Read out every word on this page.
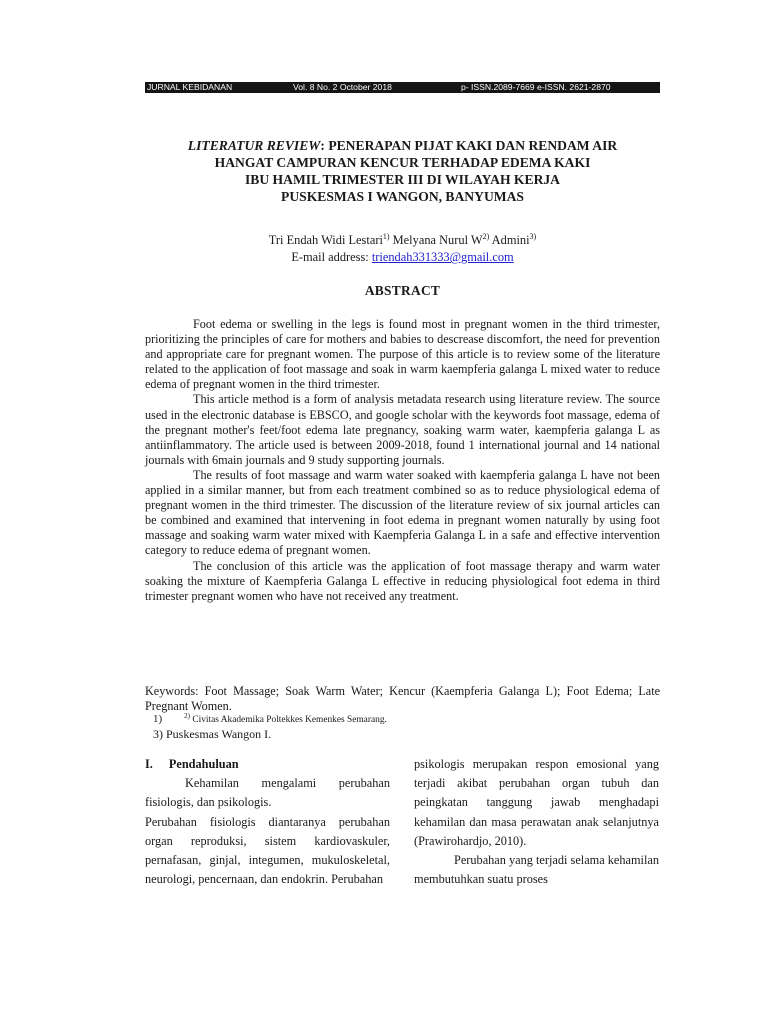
JURNAL KEBIDANAN	Vol. 8 No. 2 October 2018	p- ISSN.2089-7669 e-ISSN. 2621-2870
LITERATUR REVIEW: PENERAPAN PIJAT KAKI DAN RENDAM AIR
HANGAT CAMPURAN KENCUR TERHADAP EDEMA KAKI
IBU HAMIL TRIMESTER III DI WILAYAH KERJA
PUSKESMAS I WANGON, BANYUMAS
Tri Endah Widi Lestari$^{1)}$ Melyana Nurul $W^{2)}$ Admini$^{3)}$
E-mail address: triendah331333@gmail.com
ABSTRACT

Foot edema or swelling in the legs is found most in pregnant women in the third trimester, prioritizing the principles of care for mothers and babies to descrease discomfort, the need for prevention and appropriate care for pregnant women. The purpose of this article is to review some of the literature related to the application of foot massage and soak in warm kaempferia galanga L mixed water to reduce edema of pregnant women in the third trimester.

This article method is a form of analysis metadata research using literature review. The source used in the electronic database is EBSCO, and google scholar with the keywords foot massage, edema of the pregnant mother's feet/foot edema late pregnancy, soaking warm water, kaempferia galanga L as antiinflammatory. The article used is between 2009-2018, found 1 international journal and 14 national journals with 6main journals and 9 study supporting journals.

The results of foot massage and warm water soaked with kaempferia galanga L have not been applied in a similar manner, but from each treatment combined so as to reduce physiological edema of pregnant women in the third trimester. The discussion of the literature review of six journal articles can be combined and examined that intervening in foot edema in pregnant women naturally by using foot massage and soaking warm water mixed with Kaempferia Galanga L in a safe and effective intervention category to reduce edema of pregnant women.

The conclusion of this article was the application of foot massage therapy and warm water soaking the mixture of Kaempferia Galanga L effective in reducing physiological foot edema in third trimester pregnant women who have not received any treatment.

Keywords: Foot Massage; Soak Warm Water; Kencur (Kaempferia Galanga L); Foot Edema; Late Pregnant Women.

1)	$^{2)}$ Civitas Akademika Poltekkes Kemenkes Semarang.
3) Puskesmas Wangon I.
I. Pendahuluan

Kehamilan mengalami perubahan fisiologis, dan psikologis.

Perubahan fisiologis diantaranya perubahan organ reproduksi, sistem kardiovaskuler, pernafasan, ginjal, integumen, mukuloskeletal, neurologi, pencernaan, dan endokrin. Perubahan

psikologis merupakan respon emosional yang terjadi akibat perubahan organ tubuh dan peingkatan tanggung jawab menghadapi kehamilan dan masa perawatan anak selanjutnya (Prawirohardjo, 2010).

Perubahan yang terjadi selama kehamilan membutuhkan suatu proses
